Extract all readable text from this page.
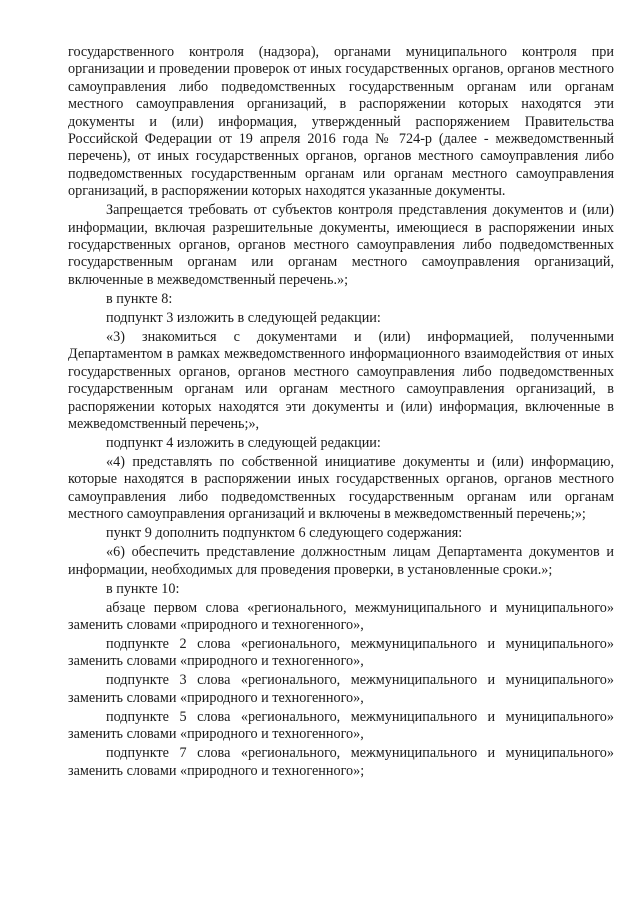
государственного контроля (надзора), органами муниципального контроля при организации и проведении проверок от иных государственных органов, органов местного самоуправления либо подведомственных государственным органам или органам местного самоуправления организаций, в распоряжении которых находятся эти документы и (или) информация, утвержденный распоряжением Правительства Российской Федерации от 19 апреля 2016 года № 724-р (далее - межведомственный перечень), от иных государственных органов, органов местного самоуправления либо подведомственных государственным органам или органам местного самоуправления организаций, в распоряжении которых находятся указанные документы.

Запрещается требовать от субъектов контроля представления документов и (или) информации, включая разрешительные документы, имеющиеся в распоряжении иных государственных органов, органов местного самоуправления либо подведомственных государственным органам или органам местного самоуправления организаций, включенные в межведомственный перечень.»;

в пункте 8:

подпункт 3 изложить в следующей редакции:

«3) знакомиться с документами и (или) информацией, полученными Департаментом в рамках межведомственного информационного взаимодействия от иных государственных органов, органов местного самоуправления либо подведомственных государственным органам или органам местного самоуправления организаций, в распоряжении которых находятся эти документы и (или) информация, включенные в межведомственный перечень;»,

подпункт 4 изложить в следующей редакции:

«4) представлять по собственной инициативе документы и (или) информацию, которые находятся в распоряжении иных государственных органов, органов местного самоуправления либо подведомственных государственным органам или органам местного самоуправления организаций и включены в межведомственный перечень;»;

пункт 9 дополнить подпунктом 6 следующего содержания:

«6) обеспечить представление должностным лицам Департамента документов и информации, необходимых для проведения проверки, в установленные сроки.»;

в пункте 10:

абзаце первом слова «регионального, межмуниципального и муниципального» заменить словами «природного и техногенного»,

подпункте 2 слова «регионального, межмуниципального и муниципального» заменить словами «природного и техногенного»,

подпункте 3 слова «регионального, межмуниципального и муниципального» заменить словами «природного и техногенного»,

подпункте 5 слова «регионального, межмуниципального и муниципального» заменить словами «природного и техногенного»,

подпункте 7 слова «регионального, межмуниципального и муниципального» заменить словами «природного и техногенного»;
